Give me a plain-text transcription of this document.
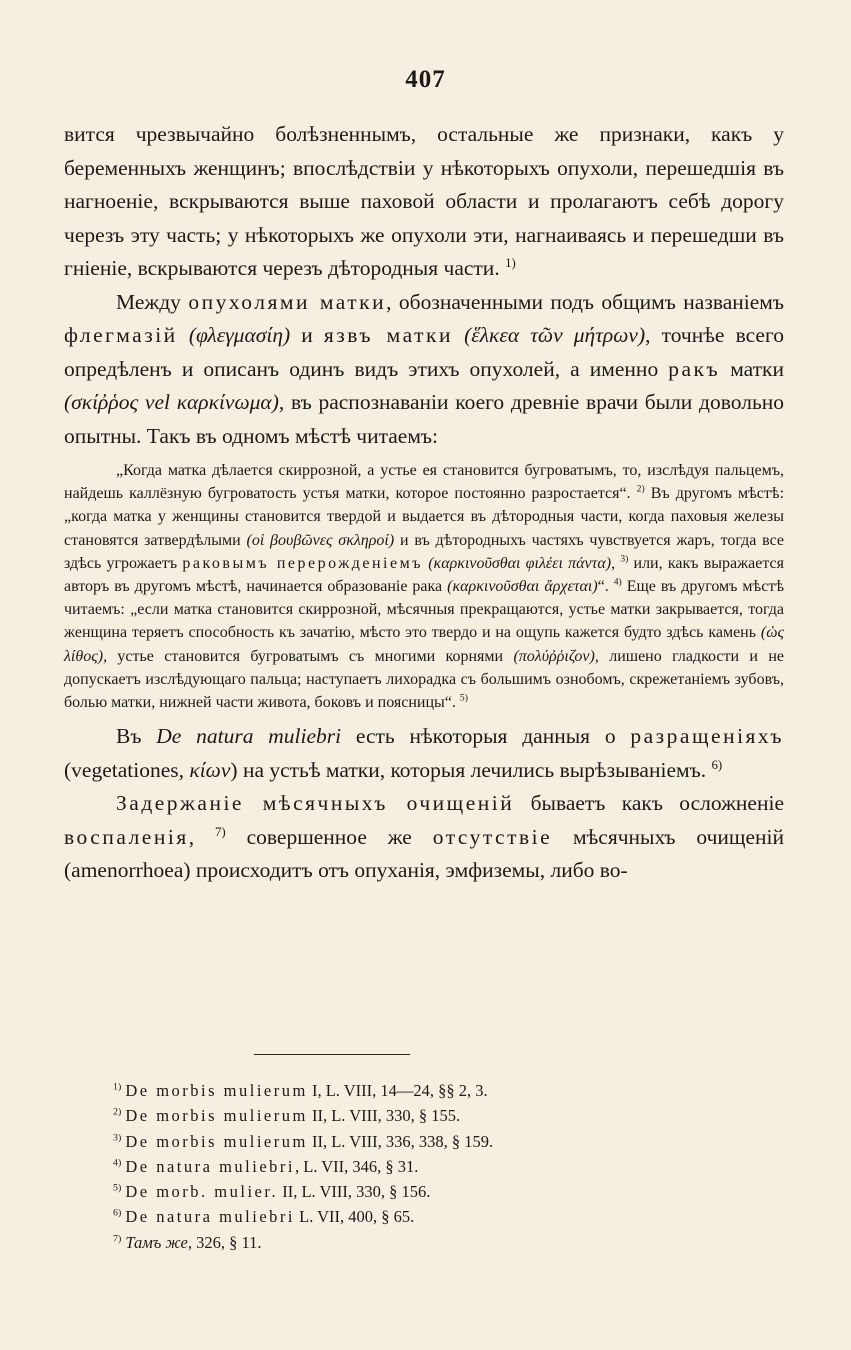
407

вится чрезвычайно болѣзненнымъ, остальные же признаки, какъ у беременныхъ женщинъ; впослѣдствіи у нѣкоторыхъ опухоли, перешедшія въ нагноеніе, вскрываются выше паховой области и пролагаютъ себѣ дорогу черезъ эту часть; у нѣкоторыхъ же опухоли эти, нагнаиваясь и перешедши въ гніеніе, вскрываются черезъ дѣтородныя части. $^{1)}$

Между опухолями матки, обозначенными подъ общимъ названіемъ флегмазій (φλεγμασίη) и язвъ матки (ἕλκεα τῶν μήτρων), точнѣе всего опредѣленъ и описанъ одинъ видъ этихъ опухолей, а именно ракъ матки (σκίῤῥος vel καρκίνωμα), въ распознаваніи коего древніе врачи были довольно опытны. Такъ въ одномъ мѣстѣ читаемъ:

„Когда матка дѣлается скиррозной, а устье ея становится бугроватымъ, то, изслѣдуя пальцемъ, найдешь каллёзную бугроватость устья матки, которое постоянно разростается“. $^{2)}$ Въ другомъ мѣстѣ: „когда матка у женщины становится твердой и выдается въ дѣтородныя части, когда паховыя железы становятся затвердѣлыми (οἱ βουβῶνες σκληροί) и въ дѣтородныхъ частяхъ чувствуется жаръ, тогда все здѣсь угрожаетъ раковымъ перерожденіемъ (καρκινοῦσθαι φιλέει πάντα), $^{3)}$ или, какъ выражается авторъ въ другомъ мѣстѣ, начинается образованіе рака (καρκινοῦσθαι ἄρχεται)“. $^{4)}$ Еще въ другомъ мѣстѣ читаемъ: „если матка становится скиррозной, мѣсячныя прекращаются, устье матки закрывается, тогда женщина теряетъ способность къ зачатію, мѣсто это твердо и на ощупь кажется будто здѣсь камень (ὡς λίθος), устье становится бугроватымъ съ многими корнями (πολύῤῥιζον), лишено гладкости и не допускаетъ изслѣдующаго пальца; наступаетъ лихорадка съ большимъ ознобомъ, скрежетаніемъ зубовъ, болью матки, нижней части живота, боковъ и поясницы“. $^{5)}$

Въ De natura muliebri есть нѣкоторыя данныя о разращеніяхъ (vegetationes, κίων) на устьѣ матки, которыя лечились вырѣзываніемъ. $^{6)}$

Задержаніе мѣсячныхъ очищеній бываетъ какъ осложненіе воспаленія, $^{7)}$ совершенное же отсутствіе мѣсячныхъ очищеній (amenorrhoea) происходитъ отъ опуханія, эмфиземы, либо во-

$^{1)}$ De morbis mulierum I, L. VIII, 14—24, §§ 2, 3.
$^{2)}$ De morbis mulierum II, L. VIII, 330, § 155.
$^{3)}$ De morbis mulierum II, L. VIII, 336, 338, § 159.
$^{4)}$ De natura muliebri, L. VII, 346, § 31.
$^{5)}$ De morb. mulier. II, L. VIII, 330, § 156.
$^{6)}$ De natura muliebri L. VII, 400, § 65.
$^{7)}$ Тамъ же, 326, § 11.
